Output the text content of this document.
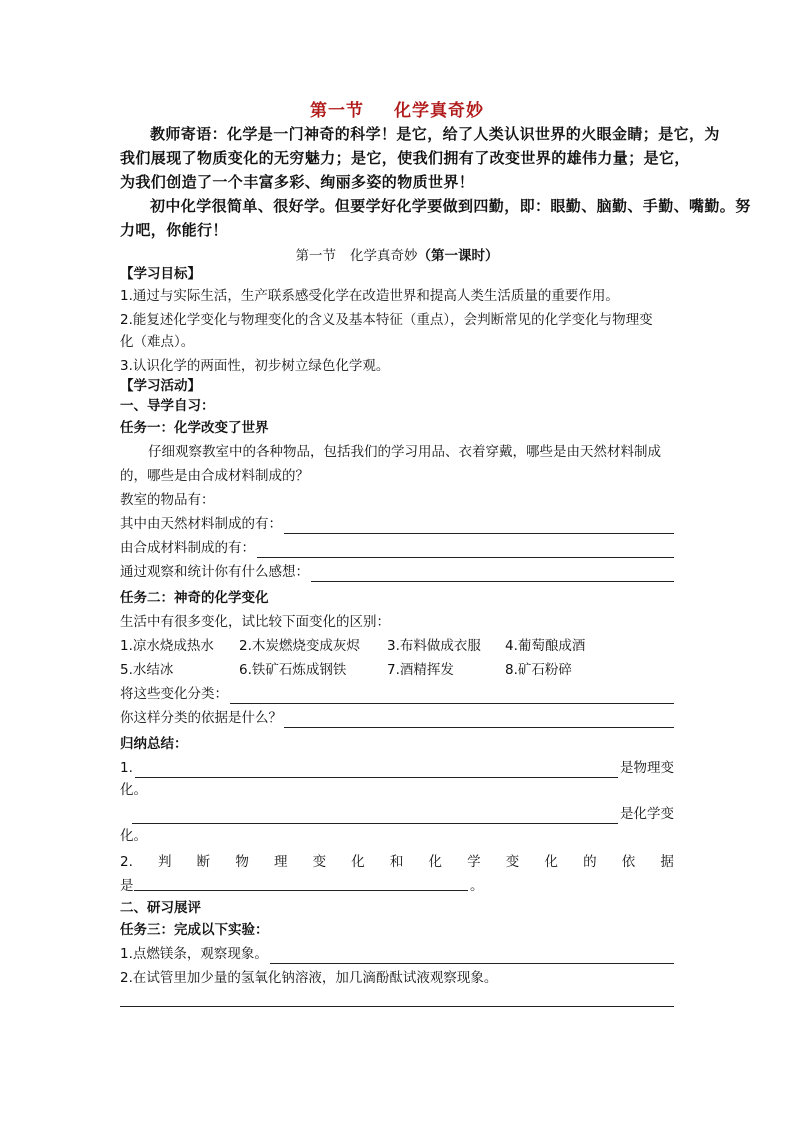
第一节 化学真奇妙
教师寄语：化学是一门神奇的科学！是它，给了人类认识世界的火眼金睛；是它，为
我们展现了物质变化的无穷魅力；是它，使我们拥有了改变世界的雄伟力量；是它，
为我们创造了一个丰富多彩、绚丽多姿的物质世界！
初中化学很简单、很好学。但要学好化学要做到四勤，即：眼勤、脑勤、手勤、嘴勤。努
力吧，你能行！
第一节 化学真奇妙（第一课时）
【学习目标】
1.通过与实际生活，生产联系感受化学在改造世界和提高人类生活质量的重要作用。
2.能复述化学变化与物理变化的含义及基本特征（重点），会判断常见的化学变化与物理变
化（难点）。
3.认识化学的两面性，初步树立绿色化学观。
【学习活动】
一、导学自习：
任务一：化学改变了世界
仔细观察教室中的各种物品，包括我们的学习用品、衣着穿戴，哪些是由天然材料制成
的，哪些是由合成材料制成的？
教室的物品有：
其中由天然材料制成的有：
由合成材料制成的有：
通过观察和统计你有什么感想：
任务二：神奇的化学变化
生活中有很多变化，试比较下面变化的区别：
1.凉水烧成热水 2.木炭燃烧变成灰烬 3.布料做成衣服 4.葡萄酿成酒
5.水结冰	6.铁矿石炼成钢铁	7.酒精挥发	8.矿石粉碎
将这些变化分类：
你这样分类的依据是什么？
归纳总结：
1.	是物理变
化。
是化学变
化。
2. 判 断 物 理 变 化 和 化 学 变 化 的 依 据
是	。
二、研习展评
任务三：完成以下实验：
1.点燃镁条，观察现象。
2.在试管里加少量的氢氧化钠溶液，加几滴酚酞试液观察现象。
